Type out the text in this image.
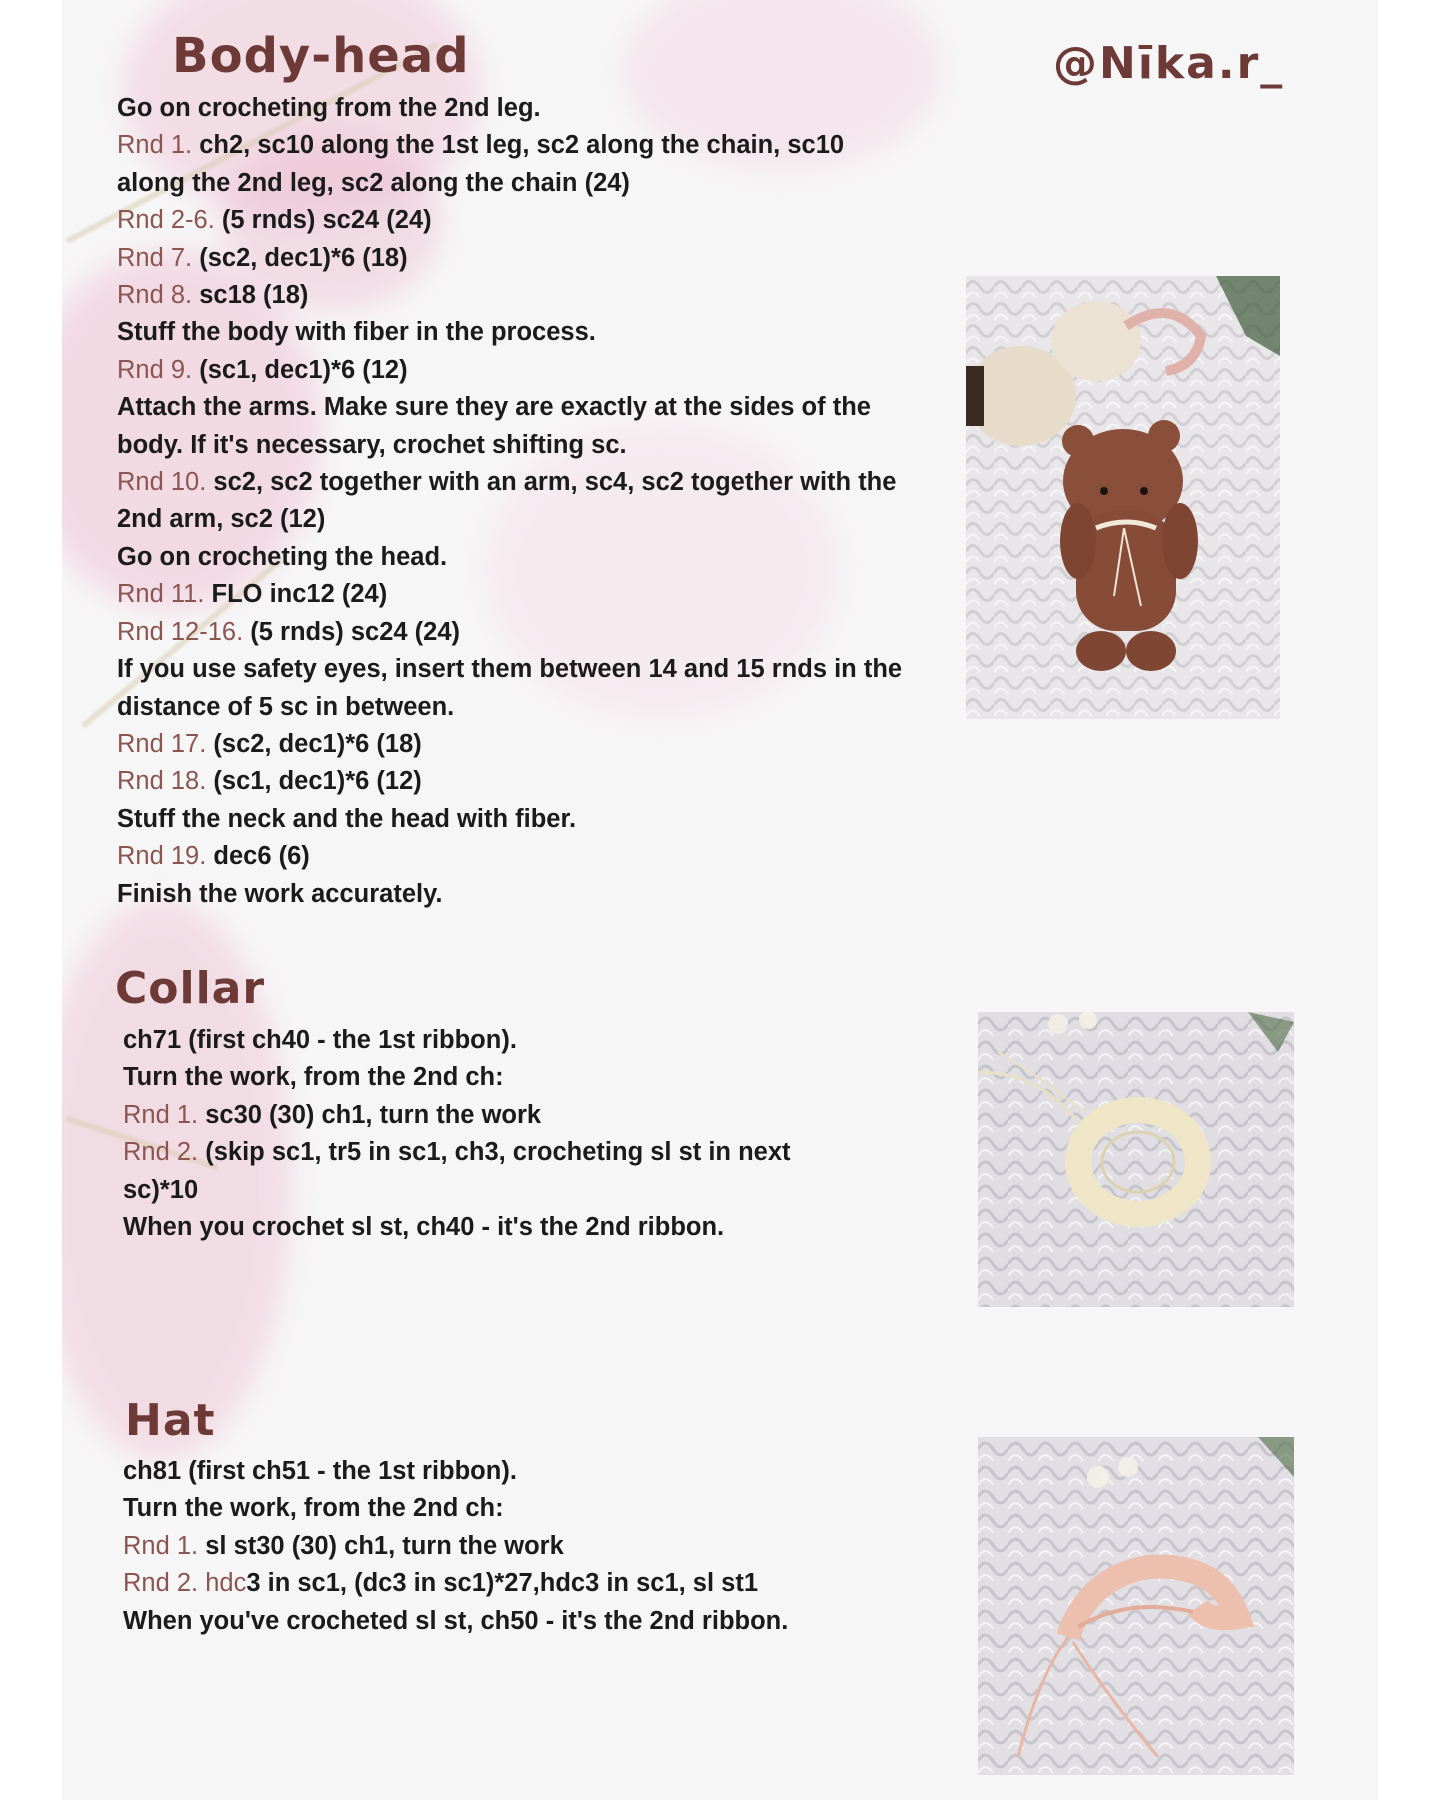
@Nīka.r_
Body-head
Go on crocheting from the 2nd leg.
Rnd 1. ch2, sc10 along the 1st leg, sc2 along the chain, sc10
along the 2nd leg, sc2 along the chain (24)
Rnd 2-6. (5 rnds) sc24 (24)
Rnd 7. (sc2, dec1)*6 (18)
Rnd 8. sc18 (18)
Stuff the body with fiber in the process.
Rnd 9. (sc1, dec1)*6 (12)
Attach the arms. Make sure they are exactly at the sides of the
body. If it's necessary, crochet shifting sc.
Rnd 10. sc2, sc2 together with an arm, sc4, sc2 together with the
2nd arm, sc2 (12)
Go on crocheting the head.
Rnd 11. FLO inc12 (24)
Rnd 12-16. (5 rnds) sc24 (24)
If you use safety eyes, insert them between 14 and 15 rnds in the
distance of 5 sc in between.
Rnd 17. (sc2, dec1)*6 (18)
Rnd 18. (sc1, dec1)*6 (12)
Stuff the neck and the head with fiber.
Rnd 19. dec6 (6)
Finish the work accurately.
Collar
ch71 (first ch40 - the 1st ribbon).
Turn the work, from the 2nd ch:
Rnd 1. sc30 (30) ch1, turn the work
Rnd 2. (skip sc1, tr5 in sc1, ch3, crocheting sl st in next
sc)*10
When you crochet sl st, ch40 - it's the 2nd ribbon.
Hat
ch81 (first ch51 - the 1st ribbon).
Turn the work, from the 2nd ch:
Rnd 1. sl st30 (30) ch1, turn the work
Rnd 2. hdc3 in sc1, (dc3 in sc1)*27,hdc3 in sc1, sl st1
When you've crocheted sl st, ch50 - it's the 2nd ribbon.
